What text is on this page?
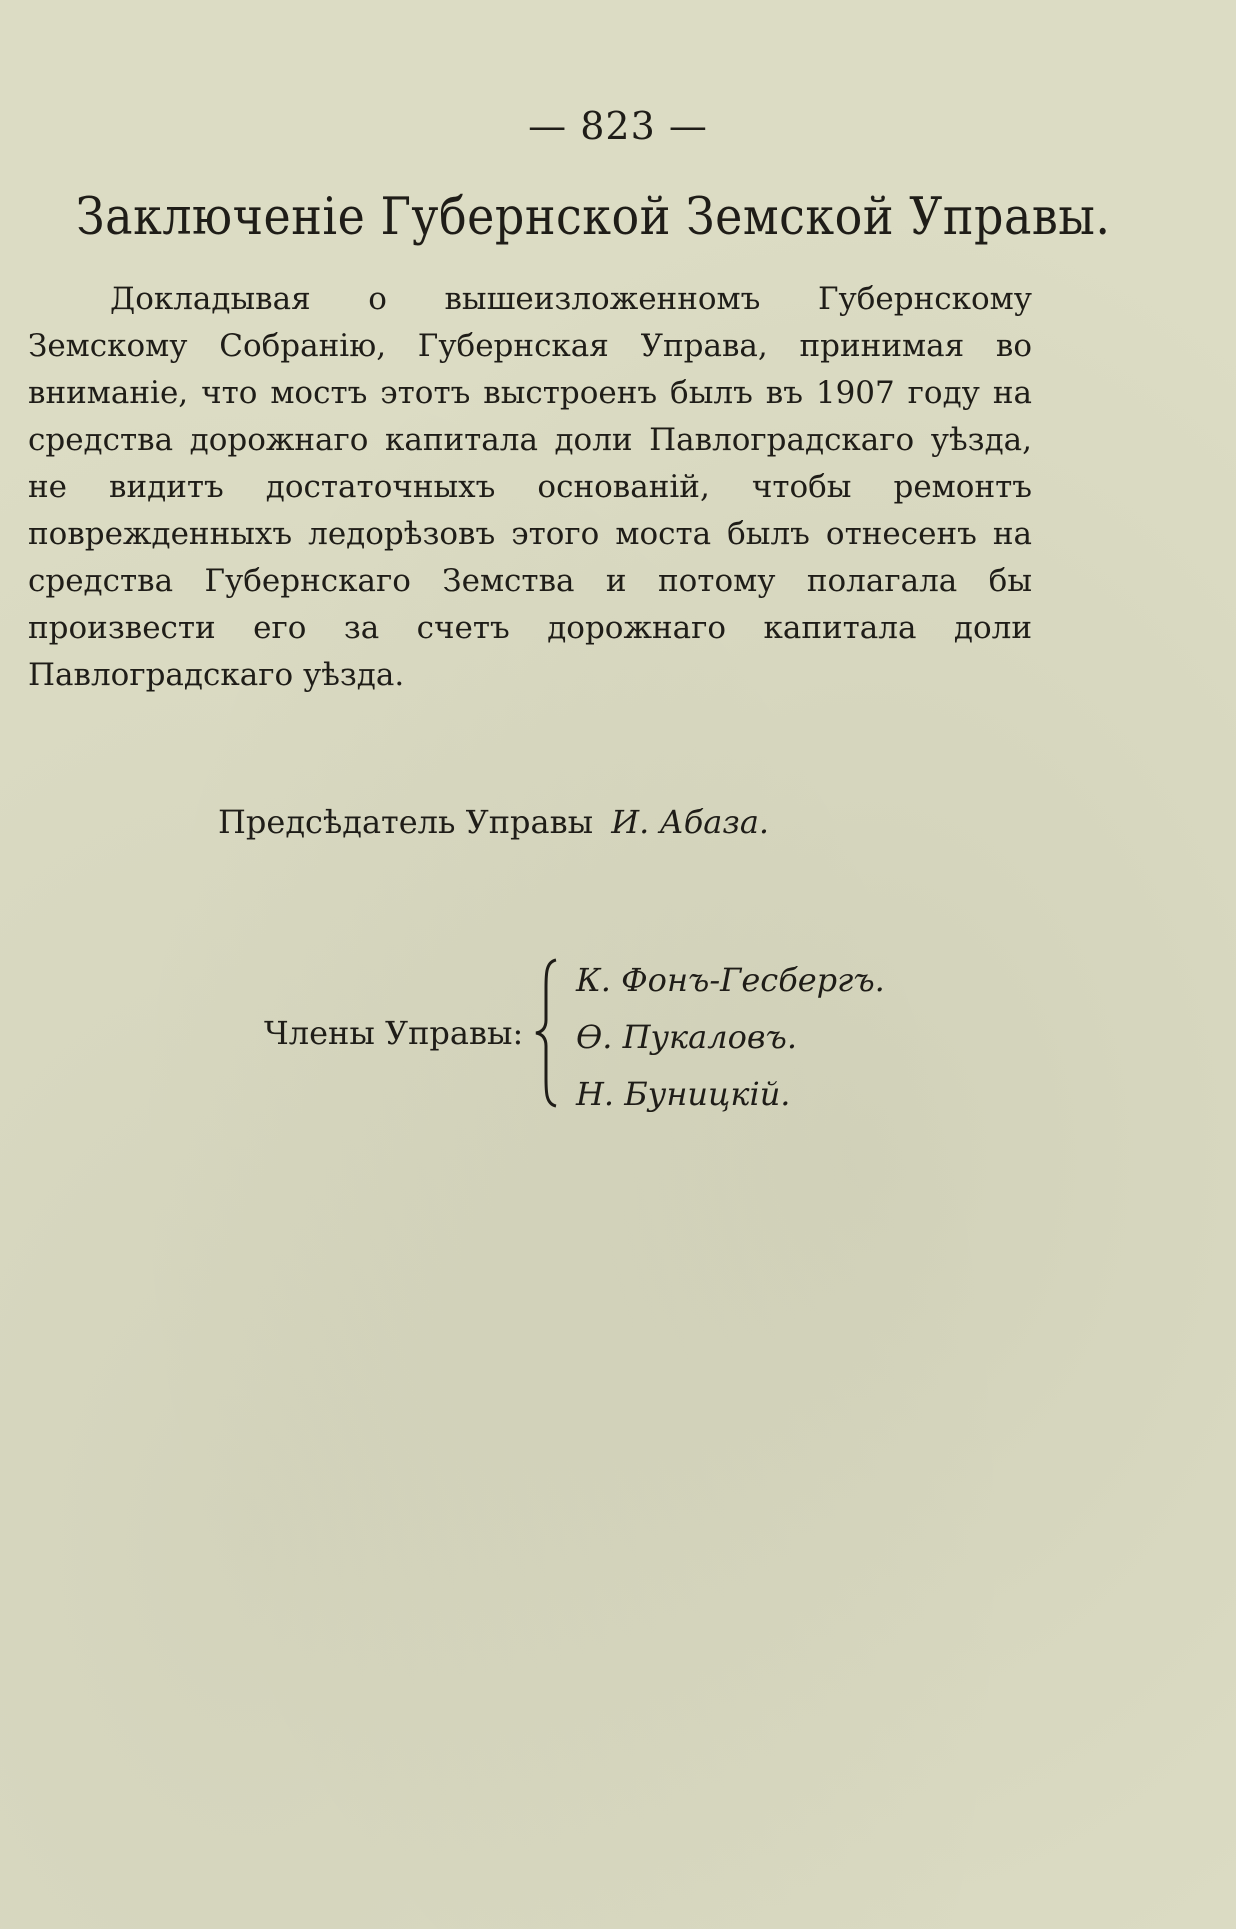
— 823 —
Заключенiе Губернской Земской Управы.

Докладывая о вышеизложенномъ Губернскому Земскому Собранiю, Губернская Управа, принимая во вниманiе, что мостъ этотъ выстроенъ былъ въ 1907 году на средства дорожнаго капитала доли Павлоградскаго уѣзда, не видитъ достаточныхъ основанiй, чтобы ремонтъ поврежденныхъ ледорѣзовъ этого моста былъ отнесенъ на средства Губернскаго Земства и потому полагала бы произвести его за счетъ дорожнаго капитала доли Павлоградскаго уѣзда.

Предсѣдатель Управы И. Абаза.
Члены Управы:
К. Фонъ-Гесбергъ.
Ѳ. Пукаловъ.
Н. Буницкiй.
